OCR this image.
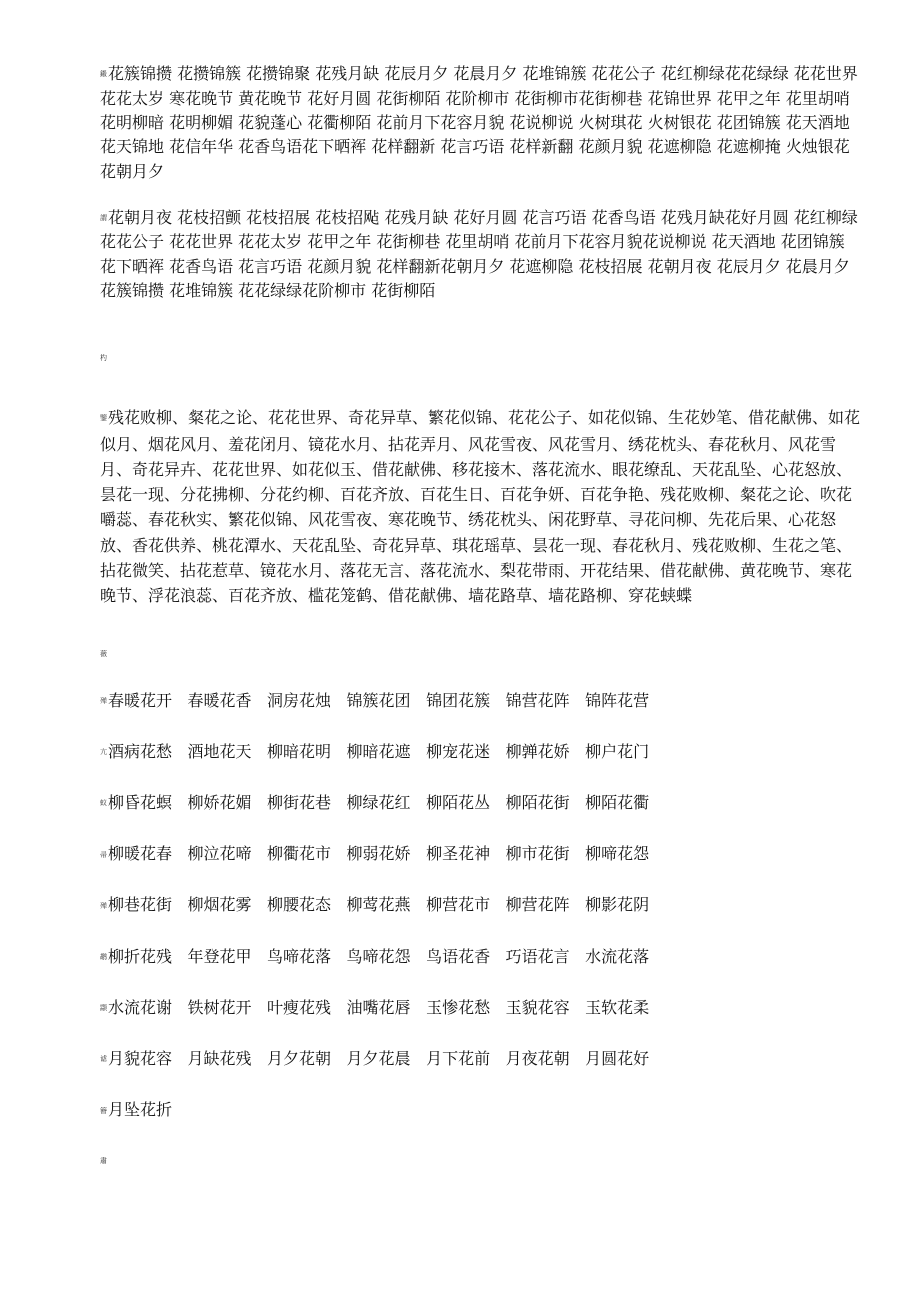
鎩花簇锦攒 花攒锦簇 花攒锦聚 花残月缺 花辰月夕 花晨月夕 花堆锦簇 花花公子 花红柳绿花花绿绿 花花世界 花花太岁 寒花晚节 黄花晚节 花好月圆 花街柳陌 花阶柳市 花街柳市花街柳巷 花锦世界 花甲之年 花里胡哨 花明柳暗 花明柳媚 花貌蓬心 花衢柳陌 花前月下花容月貌 花说柳说 火树琪花 火树银花 花团锦簇 花天酒地 花天锦地 花信年华 花香鸟语花下晒裈 花样翻新 花言巧语 花样新翻 花颜月貌 花遮柳隐 花遮柳掩 火烛银花 花朝月夕

謂花朝月夜 花枝招颤 花枝招展 花枝招飐 花残月缺 花好月圆 花言巧语 花香鸟语 花残月缺花好月圆 花红柳绿 花花公子 花花世界 花花太岁 花甲之年 花街柳巷 花里胡哨 花前月下花容月貌花说柳说 花天酒地 花团锦簇 花下晒裈 花香鸟语 花言巧语 花颜月貌 花样翻新花朝月夕 花遮柳隐 花枝招展 花朝月夜 花辰月夕 花晨月夕 花簇锦攒 花堆锦簇 花花绿绿花阶柳市 花街柳陌

杓

鑒残花败柳、粲花之论、花花世界、奇花异草、繁花似锦、花花公子、如花似锦、生花妙笔、借花献佛、如花似月、烟花风月、羞花闭月、镜花水月、拈花弄月、风花雪夜、风花雪月、绣花枕头、春花秋月、风花雪月、奇花异卉、花花世界、如花似玉、借花献佛、移花接木、落花流水、眼花缭乱、天花乱坠、心花怒放、昙花一现、分花拂柳、分花约柳、百花齐放、百花生日、百花争妍、百花争艳、残花败柳、粲花之论、吹花嚼蕊、春花秋实、繁花似锦、风花雪夜、寒花晚节、绣花枕头、闲花野草、寻花问柳、先花后果、心花怒放、香花供养、桃花潭水、天花乱坠、奇花异草、琪花瑶草、昙花一现、春花秋月、残花败柳、生花之笔、拈花微笑、拈花惹草、镜花水月、落花无言、落花流水、梨花带雨、开花结果、借花献佛、黄花晚节、寒花晚节、浮花浪蕊、百花齐放、槛花笼鹤、借花献佛、墙花路草、墙花路柳、穿花蛱蝶

薇

殚春暖花开 春暖花香 洞房花烛 锦簇花团 锦团花簇 锦营花阵 锦阵花营
亢酒病花愁 酒地花天 柳暗花明 柳暗花遮 柳宠花迷 柳亸花娇 柳户花门
蚁柳昏花螟 柳娇花媚 柳街花巷 柳绿花红 柳陌花丛 柳陌花街 柳陌花衢
帚柳暖花春 柳泣花啼 柳衢花市 柳弱花娇 柳圣花神 柳市花街 柳啼花怨
殚柳巷花街 柳烟花雾 柳腰花态 柳莺花燕 柳营花市 柳营花阵 柳影花阴
鹕柳折花残 年登花甲 鸟啼花落 鸟啼花怨 鸟语花香 巧语花言 水流花落
颛水流花谢 铁树花开 叶瘦花残 油嘴花唇 玉惨花愁 玉貌花容 玉软花柔
谑月貌花容 月缺花残 月夕花朝 月夕花晨 月下花前 月夜花朝 月圆花好
簪月坠花折

肅
